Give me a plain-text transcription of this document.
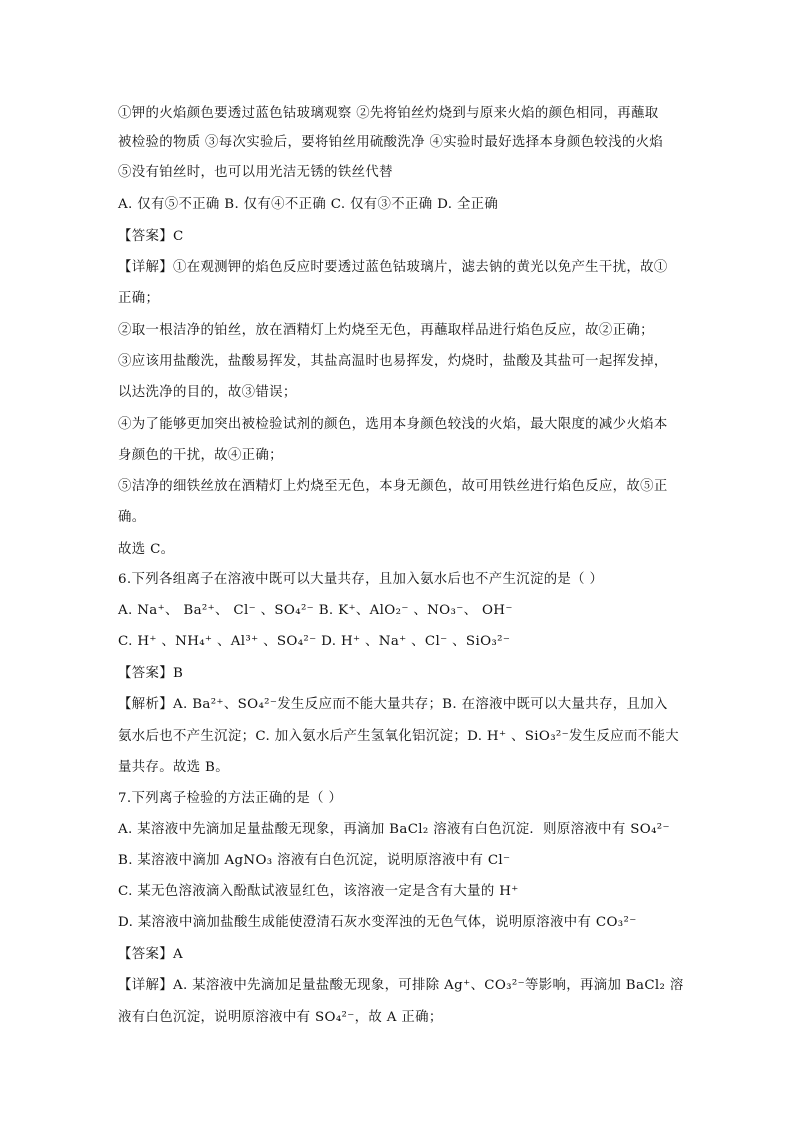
①钾的火焰颜色要透过蓝色钴玻璃观察 ②先将铂丝灼烧到与原来火焰的颜色相同，再蘸取
被检验的物质 ③每次实验后，要将铂丝用硫酸洗净 ④实验时最好选择本身颜色较浅的火焰
⑤没有铂丝时，也可以用光洁无锈的铁丝代替
A. 仅有⑤不正确 B. 仅有④不正确 C. 仅有③不正确 D. 全正确
【答案】C
【详解】①在观测钾的焰色反应时要透过蓝色钴玻璃片，滤去钠的黄光以免产生干扰，故①
正确；
②取一根洁净的铂丝，放在酒精灯上灼烧至无色，再蘸取样品进行焰色反应，故②正确；
③应该用盐酸洗，盐酸易挥发，其盐高温时也易挥发，灼烧时，盐酸及其盐可一起挥发掉，
以达洗净的目的，故③错误；
④为了能够更加突出被检验试剂的颜色，选用本身颜色较浅的火焰，最大限度的减少火焰本
身颜色的干扰，故④正确；
⑤洁净的细铁丝放在酒精灯上灼烧至无色，本身无颜色，故可用铁丝进行焰色反应，故⑤正
确。
故选 C。
6.下列各组离子在溶液中既可以大量共存，且加入氨水后也不产生沉淀的是（ ）
A. Na⁺、 Ba²⁺、 Cl⁻ 、SO₄²⁻ B. K⁺、AlO₂⁻ 、NO₃⁻、 OH⁻
C. H⁺ 、NH₄⁺ 、Al³⁺ 、SO₄²⁻ D. H⁺ 、Na⁺ 、Cl⁻ 、SiO₃²⁻
【答案】B
【解析】A. Ba²⁺、SO₄²⁻发生反应而不能大量共存；B. 在溶液中既可以大量共存，且加入
氨水后也不产生沉淀；C. 加入氨水后产生氢氧化铝沉淀；D. H⁺ 、SiO₃²⁻发生反应而不能大
量共存。故选 B。
7.下列离子检验的方法正确的是（ ）
A. 某溶液中先滴加足量盐酸无现象，再滴加 BaCl₂ 溶液有白色沉淀．则原溶液中有 SO₄²⁻
B. 某溶液中滴加 AgNO₃ 溶液有白色沉淀，说明原溶液中有 Cl⁻
C. 某无色溶液滴入酚酞试液显红色，该溶液一定是含有大量的 H⁺
D. 某溶液中滴加盐酸生成能使澄清石灰水变浑浊的无色气体，说明原溶液中有 CO₃²⁻
【答案】A
【详解】A. 某溶液中先滴加足量盐酸无现象，可排除 Ag⁺、CO₃²⁻等影响，再滴加 BaCl₂ 溶
液有白色沉淀，说明原溶液中有 SO₄²⁻，故 A 正确；
